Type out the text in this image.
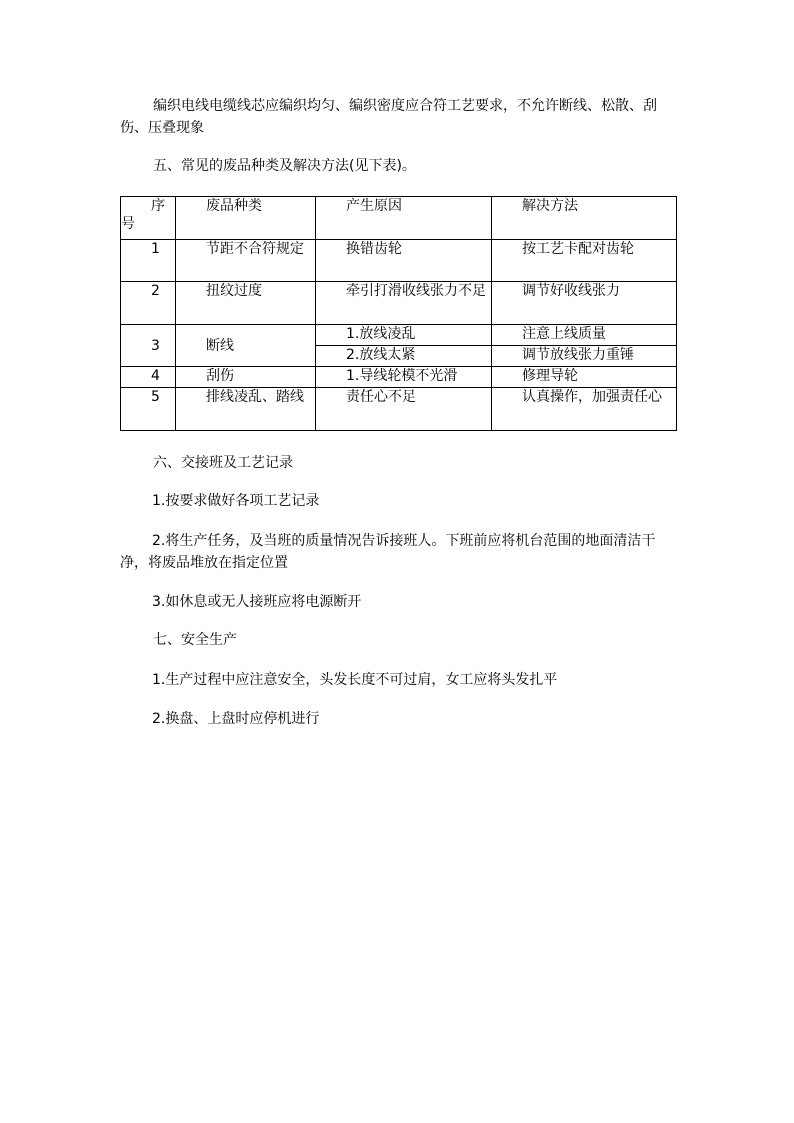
编织电线电缆线芯应编织均匀、编织密度应合符工艺要求，不允许断线、松散、刮伤、压叠现象

五、常见的废品种类及解决方法(见下表)。

序号	废品种类	产生原因	解决方法
1	节距不合符规定	换错齿轮	按工艺卡配对齿轮
2	扭纹过度	牵引打滑收线张力不足	调节好收线张力
3	断线	1.放线凌乱	注意上线质量
		2.放线太紧	调节放线张力重锤
4	刮伤	1.导线轮模不光滑	修理导轮
5	排线凌乱、踏线	责任心不足	认真操作，加强责任心

六、交接班及工艺记录

1.按要求做好各项工艺记录

2.将生产任务，及当班的质量情况告诉接班人。下班前应将机台范围的地面清洁干净，将废品堆放在指定位置

3.如休息或无人接班应将电源断开

七、安全生产

1.生产过程中应注意安全，头发长度不可过肩，女工应将头发扎平

2.换盘、上盘时应停机进行
